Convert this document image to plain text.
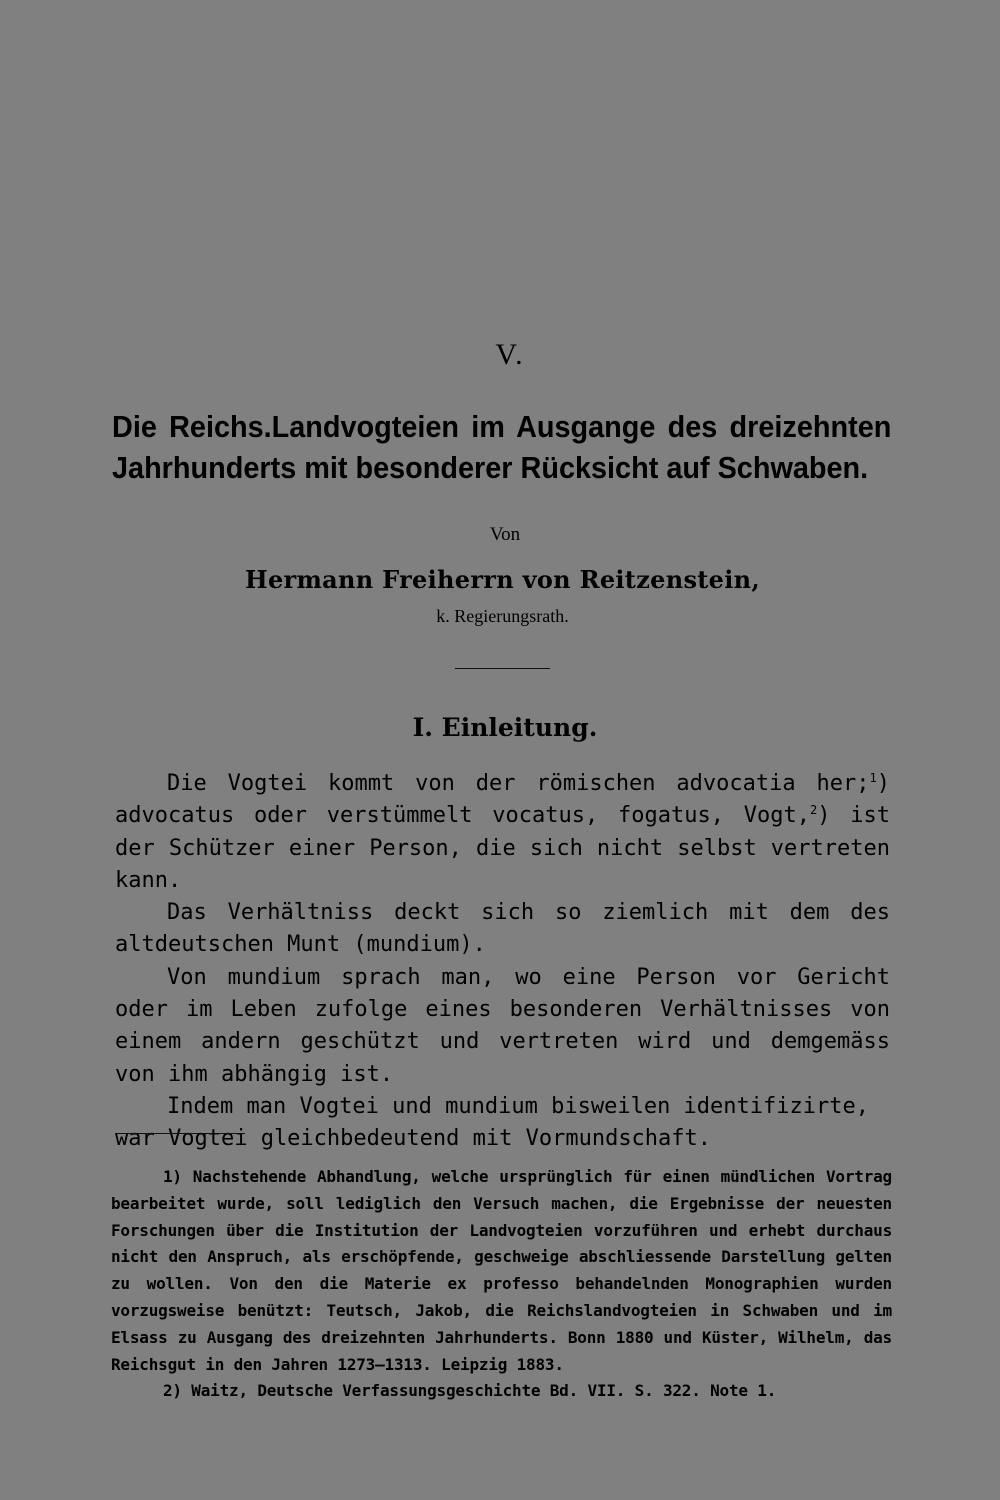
V.
Die Reichs.Landvogteien im Ausgange des dreizehnten
Jahrhunderts mit besonderer Rücksicht auf Schwaben.
Von
Hermann Freiherrn von Reitzenstein,
k. Regierungsrath.
I. Einleitung.

Die Vogtei kommt von der römischen advocatia her;$^1$) advocatus oder verstümmelt vocatus, fogatus, Vogt,$^2$) ist der Schützer einer Person, die sich nicht selbst vertreten kann.

Das Verhältniss deckt sich so ziemlich mit dem des altdeutschen Munt (mundium).

Von mundium sprach man, wo eine Person vor Gericht oder im Leben zufolge eines besonderen Verhältnisses von einem andern geschützt und vertreten wird und demgemäss von ihm abhängig ist.

Indem man Vogtei und mundium bisweilen identifizirte, war Vogtei gleichbedeutend mit Vormundschaft.

1) Nachstehende Abhandlung, welche ursprünglich für einen mündlichen Vortrag bearbeitet wurde, soll lediglich den Versuch machen, die Ergebnisse der neuesten Forschungen über die Institution der Landvogteien vorzuführen und erhebt durchaus nicht den Anspruch, als erschöpfende, geschweige abschliessende Darstellung gelten zu wollen. Von den die Materie ex professo behandelnden Monographien wurden vorzugsweise benützt: Teutsch, Jakob, die Reichslandvogteien in Schwaben und im Elsass zu Ausgang des dreizehnten Jahrhunderts. Bonn 1880 und Küster, Wilhelm, das Reichsgut in den Jahren 1273—1313. Leipzig 1883.

2) Waitz, Deutsche Verfassungsgeschichte Bd. VII. S. 322. Note 1.
